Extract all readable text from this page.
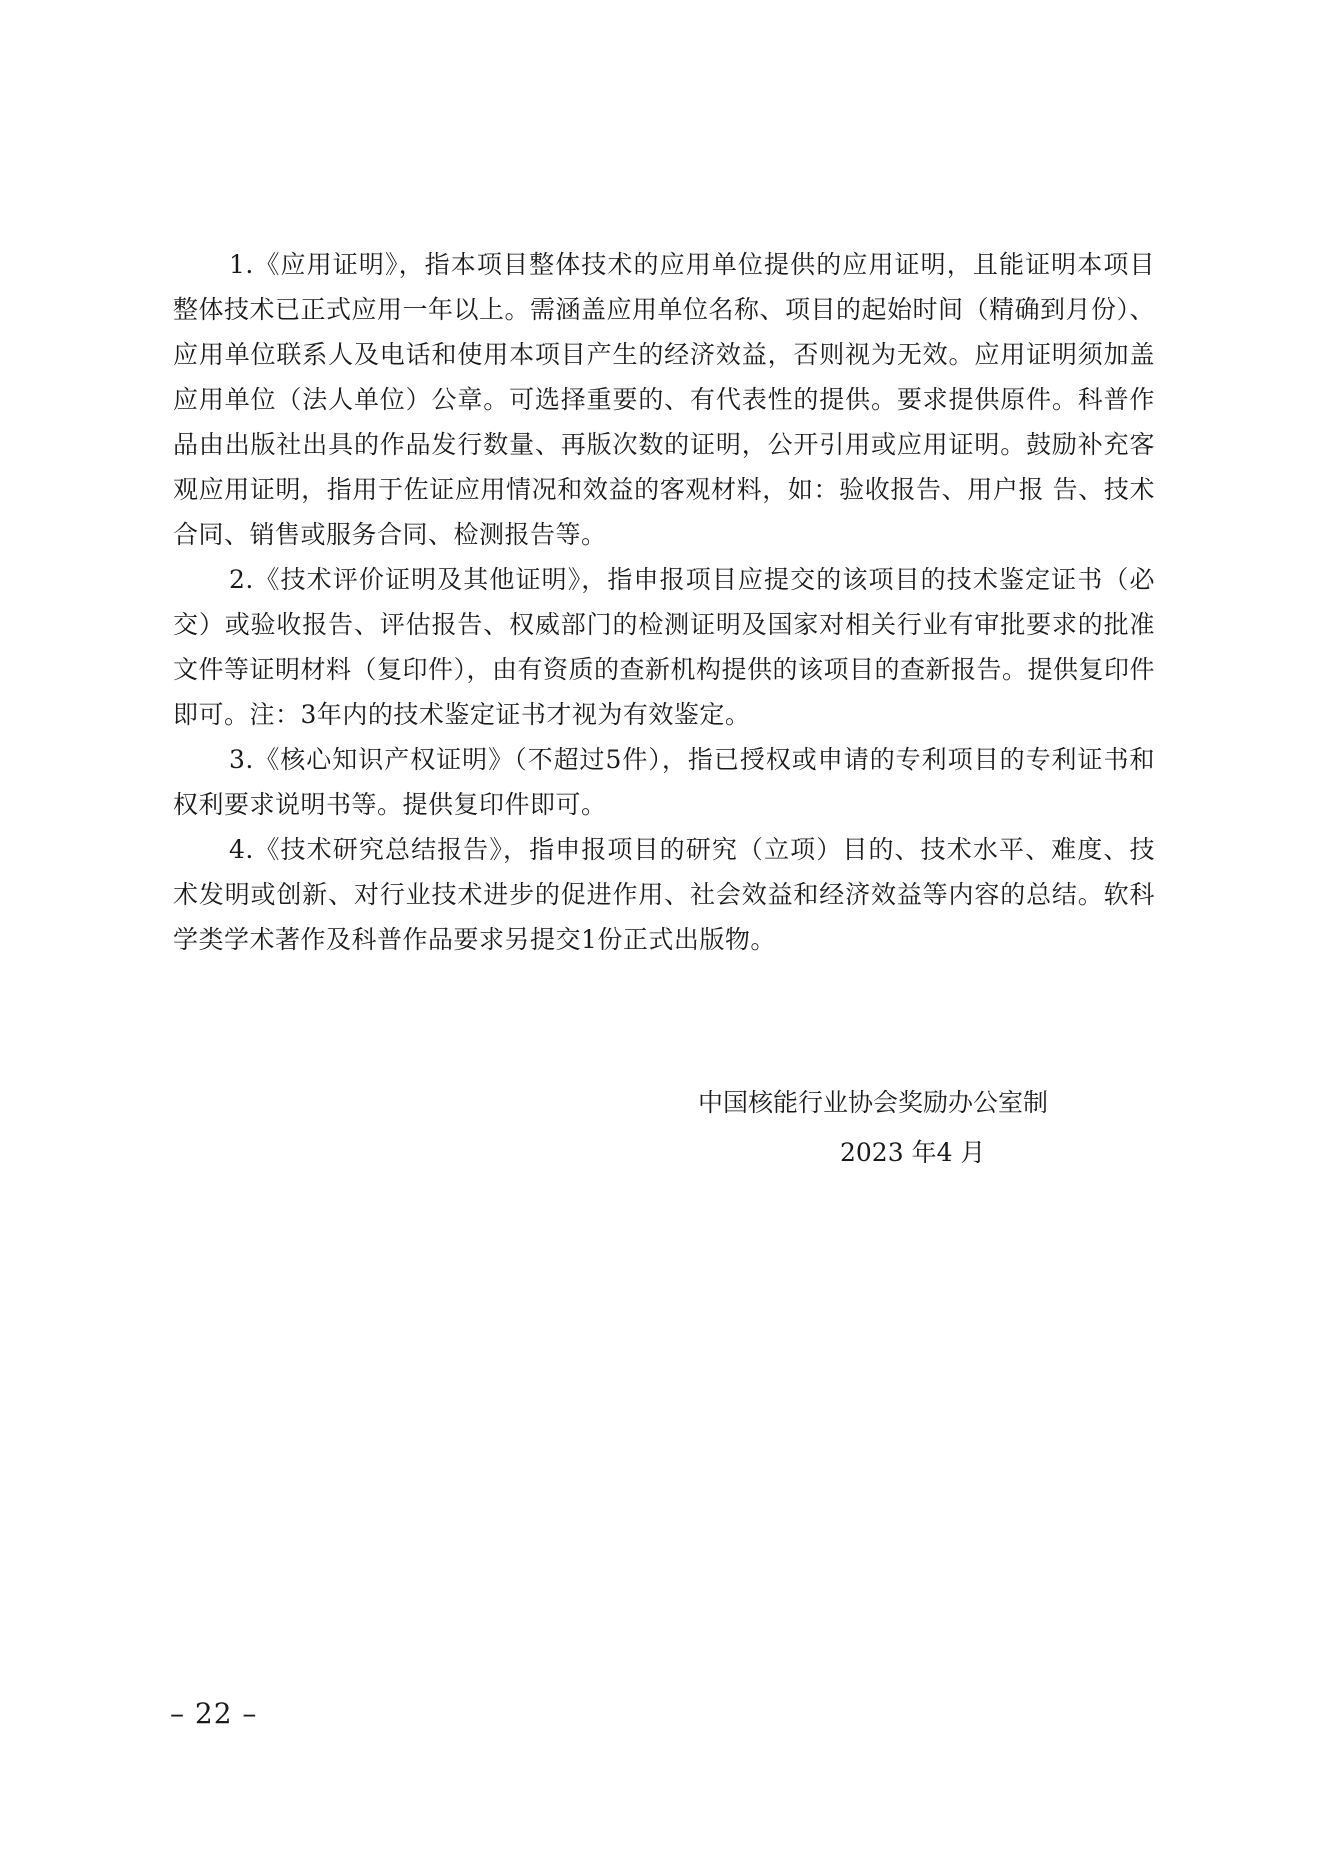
1.《应用证明》，指本项目整体技术的应用单位提供的应用证明，且能证明本项目整体技术已正式应用一年以上。需涵盖应用单位名称、项目的起始时间（精确到月份）、应用单位联系人及电话和使用本项目产生的经济效益，否则视为无效。应用证明须加盖应用单位（法人单位）公章。可选择重要的、有代表性的提供。要求提供原件。科普作品由出版社出具的作品发行数量、再版次数的证明，公开引用或应用证明。鼓励补充客观应用证明，指用于佐证应用情况和效益的客观材料，如：验收报告、用户报 告、技术合同、销售或服务合同、检测报告等。

2.《技术评价证明及其他证明》，指申报项目应提交的该项目的技术鉴定证书（必交）或验收报告、评估报告、权威部门的检测证明及国家对相关行业有审批要求的批准文件等证明材料（复印件），由有资质的查新机构提供的该项目的查新报告。提供复印件即可。注：3年内的技术鉴定证书才视为有效鉴定。

3.《核心知识产权证明》（不超过5件），指已授权或申请的专利项目的专利证书和权利要求说明书等。提供复印件即可。

4.《技术研究总结报告》，指申报项目的研究（立项）目的、技术水平、难度、技术发明或创新、对行业技术进步的促进作用、社会效益和经济效益等内容的总结。软科学类学术著作及科普作品要求另提交1份正式出版物。

中国核能行业协会奖励办公室制
2023 年4 月
– 22 –
